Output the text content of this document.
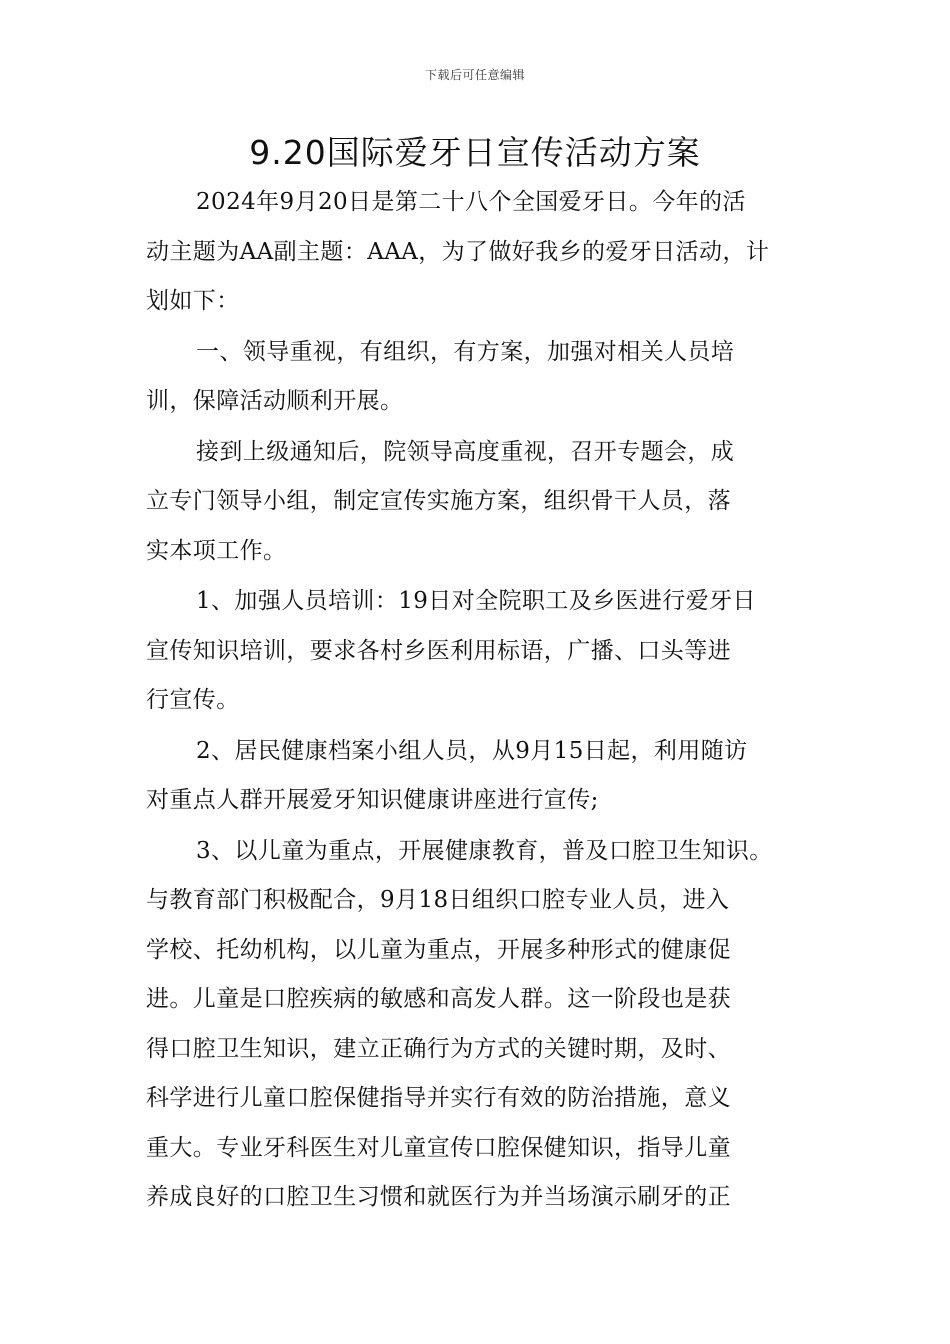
下载后可任意编辑
9.20国际爱牙日宣传活动方案
2024年9月20日是第二十八个全国爱牙日。今年的活
动主题为AA副主题：AAA，为了做好我乡的爱牙日活动，计
划如下：
一、领导重视，有组织，有方案，加强对相关人员培
训，保障活动顺利开展。
接到上级通知后，院领导高度重视，召开专题会，成
立专门领导小组，制定宣传实施方案，组织骨干人员，落
实本项工作。
1、加强人员培训：19日对全院职工及乡医进行爱牙日
宣传知识培训，要求各村乡医利用标语，广播、口头等进
行宣传。
2、居民健康档案小组人员，从9月15日起，利用随访
对重点人群开展爱牙知识健康讲座进行宣传;
3、以儿童为重点，开展健康教育，普及口腔卫生知识。
与教育部门积极配合，9月18日组织口腔专业人员，进入
学校、托幼机构，以儿童为重点，开展多种形式的健康促
进。儿童是口腔疾病的敏感和高发人群。这一阶段也是获
得口腔卫生知识，建立正确行为方式的关键时期，及时、
科学进行儿童口腔保健指导并实行有效的防治措施，意义
重大。专业牙科医生对儿童宣传口腔保健知识，指导儿童
养成良好的口腔卫生习惯和就医行为并当场演示刷牙的正
